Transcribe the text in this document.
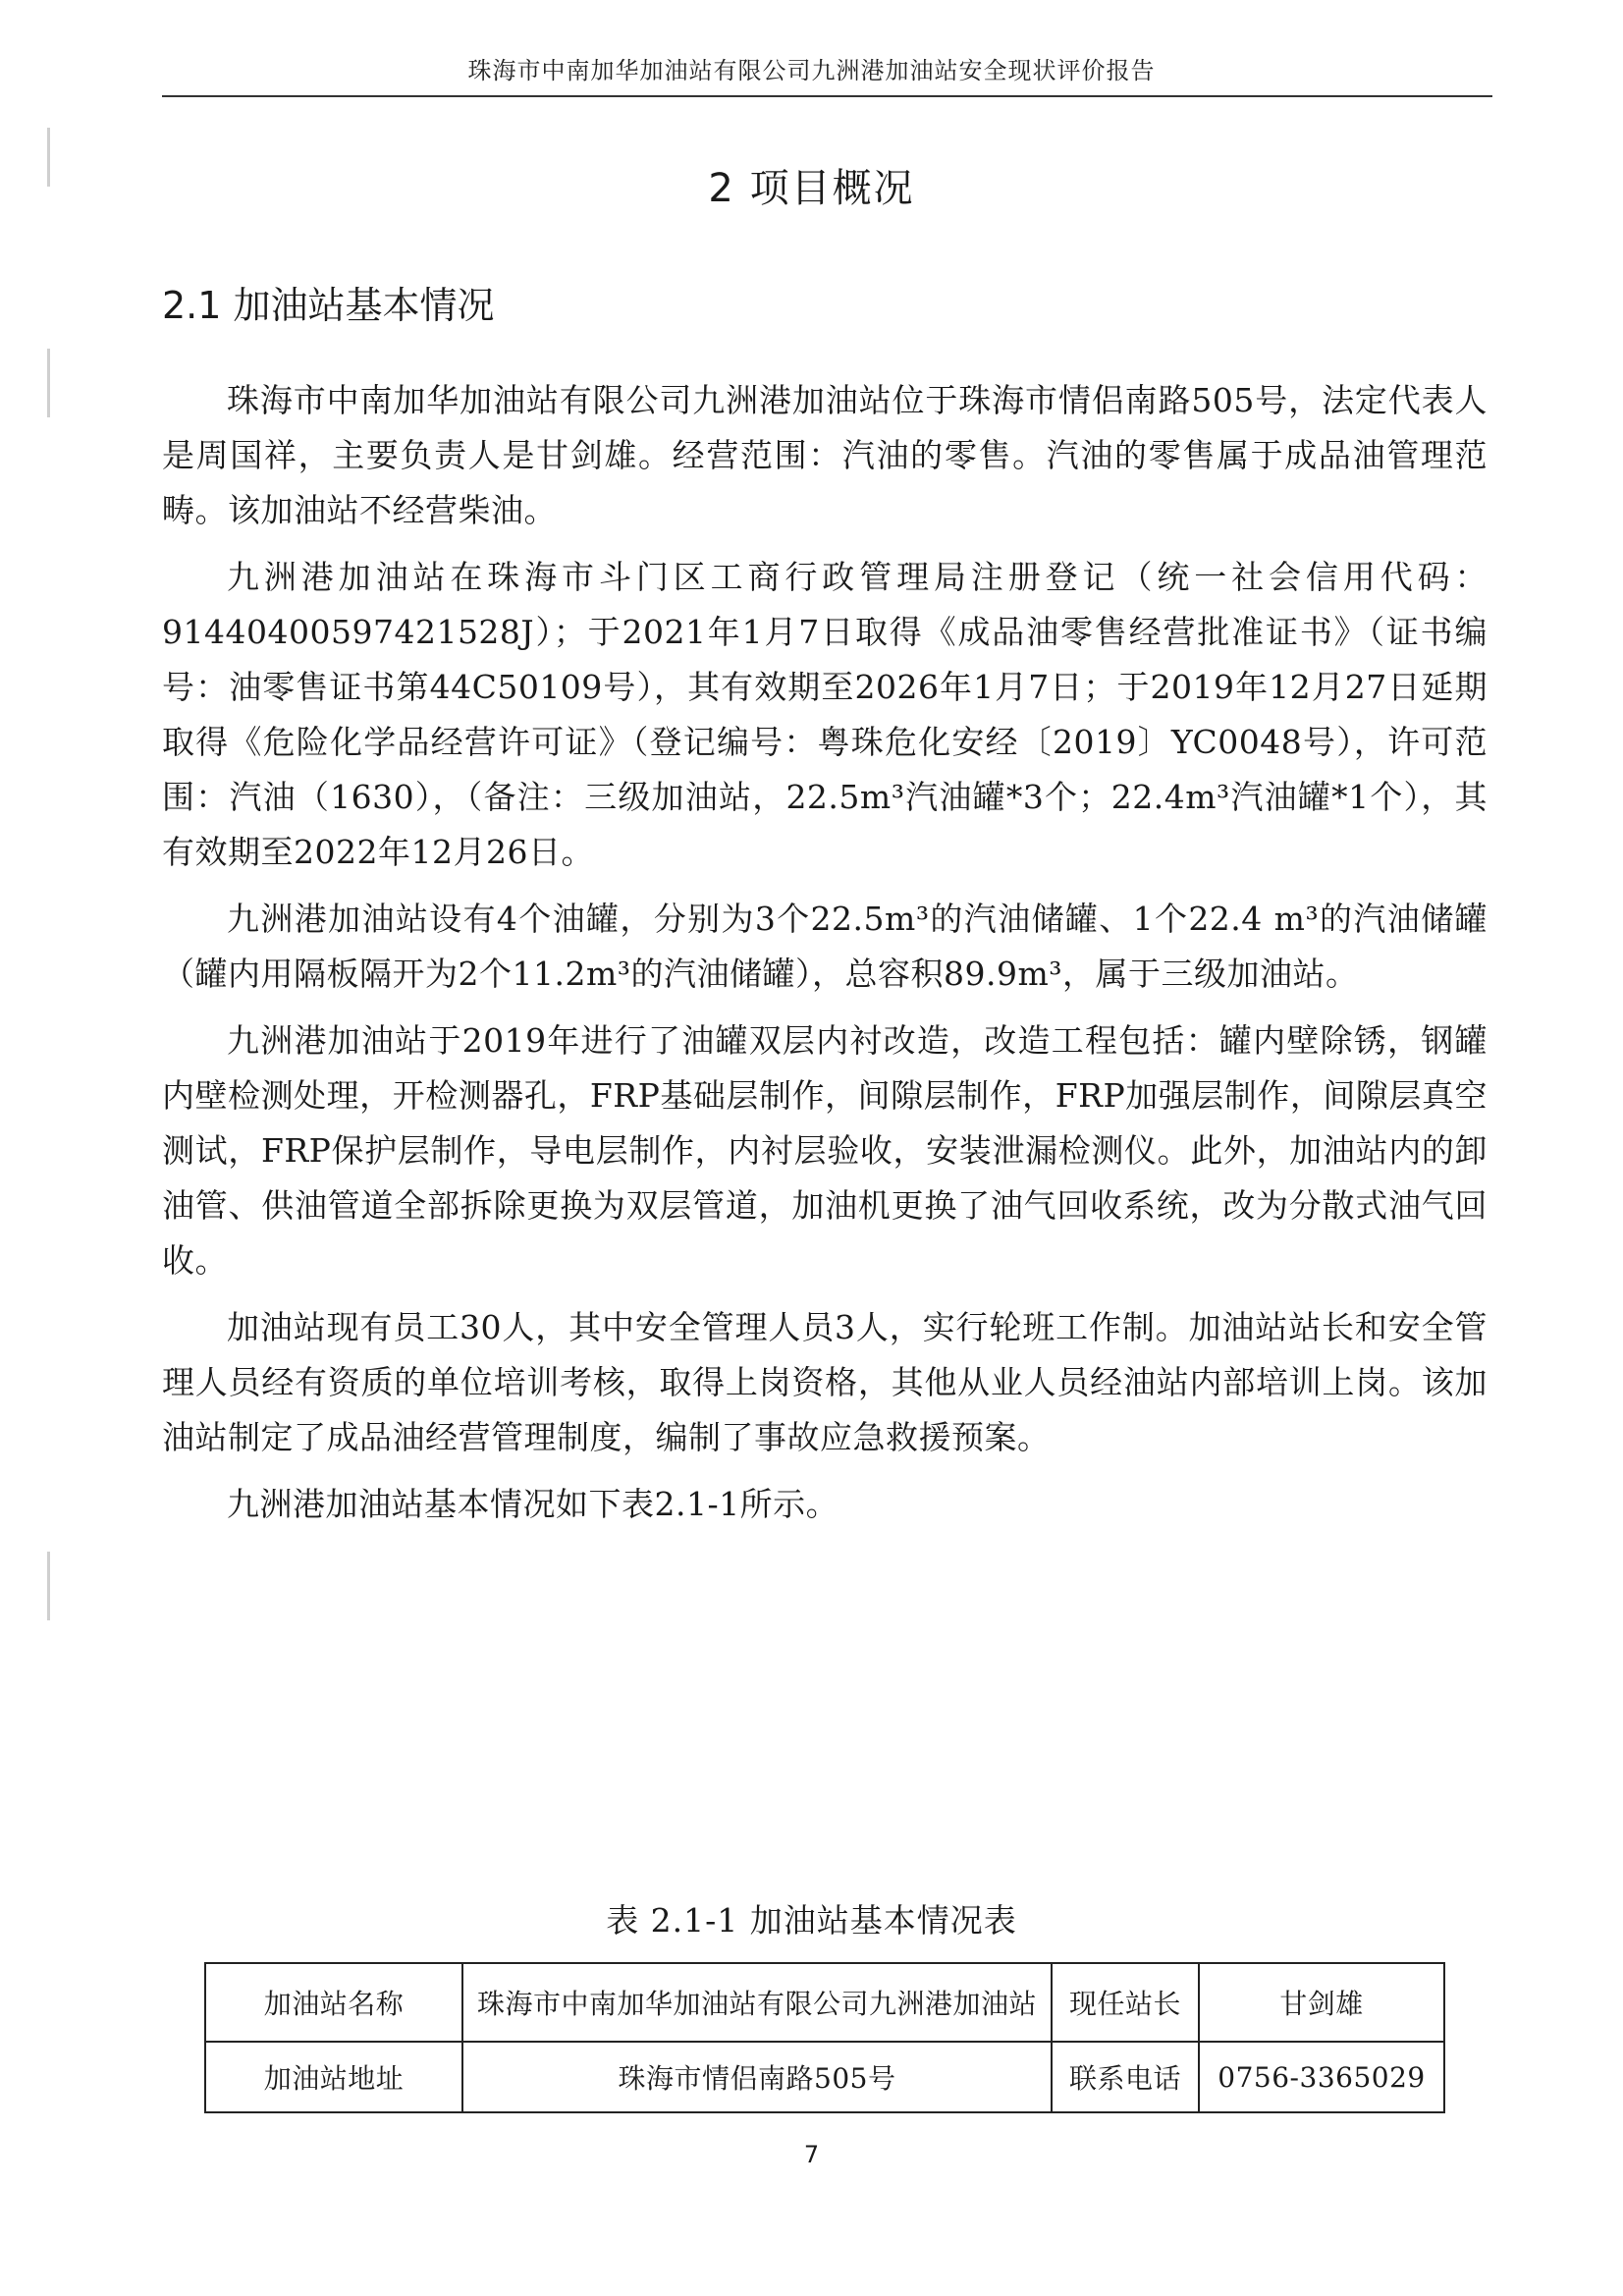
珠海市中南加华加油站有限公司九洲港加油站安全现状评价报告
2 项目概况
2.1 加油站基本情况

珠海市中南加华加油站有限公司九洲港加油站位于珠海市情侣南路505号，法定代表人是周国祥，主要负责人是甘剑雄。经营范围：汽油的零售。汽油的零售属于成品油管理范畴。该加油站不经营柴油。

九洲港加油站在珠海市斗门区工商行政管理局注册登记（统一社会信用代码：91440400597421528J）；于2021年1月7日取得《成品油零售经营批准证书》（证书编号：油零售证书第44C50109号），其有效期至2026年1月7日；于2019年12月27日延期取得《危险化学品经营许可证》（登记编号：粤珠危化安经〔2019〕YC0048号），许可范围：汽油（1630），（备注：三级加油站，22.5m³汽油罐*3个；22.4m³汽油罐*1个），其有效期至2022年12月26日。

九洲港加油站设有4个油罐，分别为3个22.5m³的汽油储罐、1个22.4 m³的汽油储罐（罐内用隔板隔开为2个11.2m³的汽油储罐），总容积89.9m³，属于三级加油站。

九洲港加油站于2019年进行了油罐双层内衬改造，改造工程包括：罐内壁除锈，钢罐内壁检测处理，开检测器孔，FRP基础层制作，间隙层制作，FRP加强层制作，间隙层真空测试，FRP保护层制作，导电层制作，内衬层验收，安装泄漏检测仪。此外，加油站内的卸油管、供油管道全部拆除更换为双层管道，加油机更换了油气回收系统，改为分散式油气回收。

加油站现有员工30人，其中安全管理人员3人，实行轮班工作制。加油站站长和安全管理人员经有资质的单位培训考核，取得上岗资格，其他从业人员经油站内部培训上岗。该加油站制定了成品油经营管理制度，编制了事故应急救援预案。

九洲港加油站基本情况如下表2.1-1所示。

表 2.1-1 加油站基本情况表
加油站名称	珠海市中南加华加油站有限公司九洲港加油站	现任站长	甘剑雄
加油站地址	珠海市情侣南路505号	联系电话	0756-3365029
7
